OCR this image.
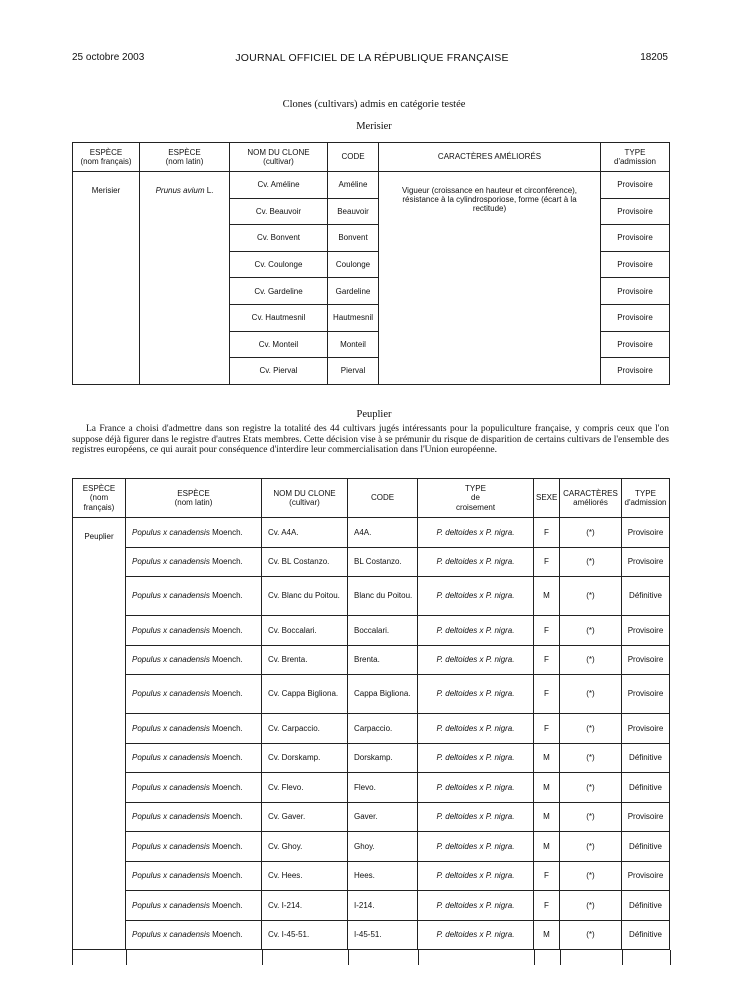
25 octobre 2003	JOURNAL OFFICIEL DE LA RÉPUBLIQUE FRANÇAISE	18205
Clones (cultivars) admis en catégorie testée
Merisier
ESPÈCE
(nom français)	ESPÈCE
(nom latin)	NOM DU CLONE
(cultivar)	CODE	CARACTÈRES AMÉLIORÉS	TYPE
d'admission

Merisier	Prunus avium L.	Cv. Améline	Améline	Vigueur (croissance en hauteur et circonférence), résistance à la cylindrosporiose, forme (écart à la rectitude)	Provisoire
		Cv. Beauvoir	Beauvoir		Provisoire
		Cv. Bonvent	Bonvent		Provisoire
		Cv. Coulonge	Coulonge		Provisoire
		Cv. Gardeline	Gardeline		Provisoire
		Cv. Hautmesnil	Hautmesnil		Provisoire
		Cv. Monteil	Monteil		Provisoire
		Cv. Pierval	Pierval		Provisoire
Peuplier

La France a choisi d'admettre dans son registre la totalité des 44 cultivars jugés intéressants pour la populiculture française, y compris ceux que l'on suppose déjà figurer dans le registre d'autres Etats membres. Cette décision vise à se prémunir du risque de disparition de certains cultivars de l'ensemble des registres européens, ce qui aurait pour conséquence d'interdire leur commercialisation dans l'Union européenne.

ESPÈCE
(nom
français)	ESPÈCE
(nom latin)	NOM DU CLONE
(cultivar)	CODE	TYPE
de
croisement	SEXE	CARACTÈRES
améliorés	TYPE
d'admission

Peuplier	Populus x canadensis Moench.	Cv. A4A.	A4A.	P. deltoides x P. nigra.	F	(*)	Provisoire
	Populus x canadensis Moench.	Cv. BL Costanzo.	BL Costanzo.	P. deltoides x P. nigra.	F	(*)	Provisoire
	Populus x canadensis Moench.	Cv. Blanc du Poitou.	Blanc du Poitou.	P. deltoides x P. nigra.	M	(*)	Définitive
	Populus x canadensis Moench.	Cv. Boccalari.	Boccalari.	P. deltoides x P. nigra.	F	(*)	Provisoire
	Populus x canadensis Moench.	Cv. Brenta.	Brenta.	P. deltoides x P. nigra.	F	(*)	Provisoire
	Populus x canadensis Moench.	Cv. Cappa Bigliona.	Cappa Bigliona.	P. deltoides x P. nigra.	F	(*)	Provisoire
	Populus x canadensis Moench.	Cv. Carpaccio.	Carpaccio.	P. deltoides x P. nigra.	F	(*)	Provisoire
	Populus x canadensis Moench.	Cv. Dorskamp.	Dorskamp.	P. deltoides x P. nigra.	M	(*)	Définitive
	Populus x canadensis Moench.	Cv. Flevo.	Flevo.	P. deltoides x P. nigra.	M	(*)	Définitive
	Populus x canadensis Moench.	Cv. Gaver.	Gaver.	P. deltoides x P. nigra.	M	(*)	Provisoire
	Populus x canadensis Moench.	Cv. Ghoy.	Ghoy.	P. deltoides x P. nigra.	M	(*)	Définitive
	Populus x canadensis Moench.	Cv. Hees.	Hees.	P. deltoides x P. nigra.	F	(*)	Provisoire
	Populus x canadensis Moench.	Cv. I-214.	I-214.	P. deltoides x P. nigra.	F	(*)	Définitive
	Populus x canadensis Moench.	Cv. I-45-51.	I-45-51.	P. deltoides x P. nigra.	M	(*)	Définitive
